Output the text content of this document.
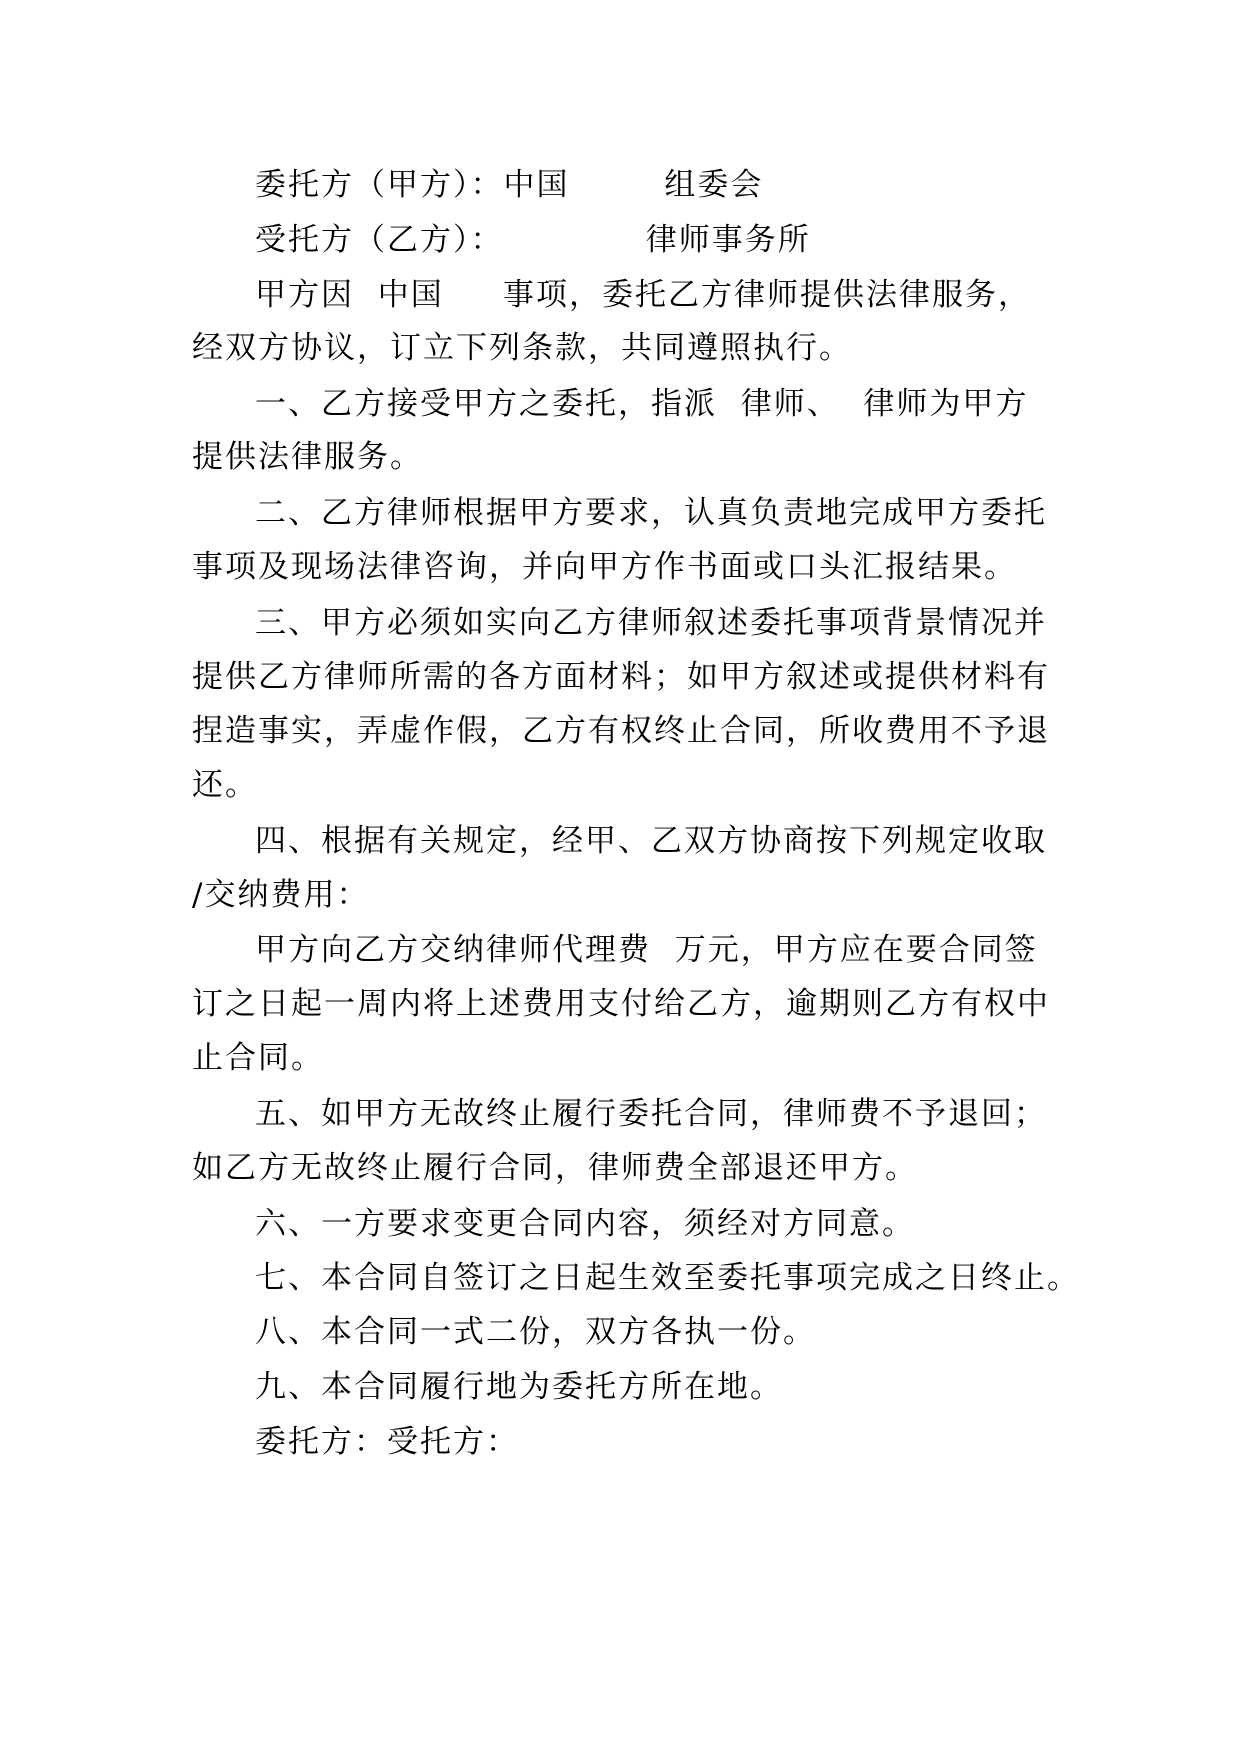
委托方（甲方）：中国        组委会
受托方（乙方）：            律师事务所
甲方因  中国     事项，委托乙方律师提供法律服务，
经双方协议，订立下列条款，共同遵照执行。
一、乙方接受甲方之委托，指派  律师、  律师为甲方
提供法律服务。
二、乙方律师根据甲方要求，认真负责地完成甲方委托
事项及现场法律咨询，并向甲方作书面或口头汇报结果。
三、甲方必须如实向乙方律师叙述委托事项背景情况并
提供乙方律师所需的各方面材料；如甲方叙述或提供材料有
捏造事实，弄虚作假，乙方有权终止合同，所收费用不予退
还。
四、根据有关规定，经甲、乙双方协商按下列规定收取
/交纳费用：
甲方向乙方交纳律师代理费  万元，甲方应在要合同签
订之日起一周内将上述费用支付给乙方，逾期则乙方有权中
止合同。
五、如甲方无故终止履行委托合同，律师费不予退回；
如乙方无故终止履行合同，律师费全部退还甲方。
六、一方要求变更合同内容，须经对方同意。
七、本合同自签订之日起生效至委托事项完成之日终止。
八、本合同一式二份，双方各执一份。
九、本合同履行地为委托方所在地。
委托方：受托方：
